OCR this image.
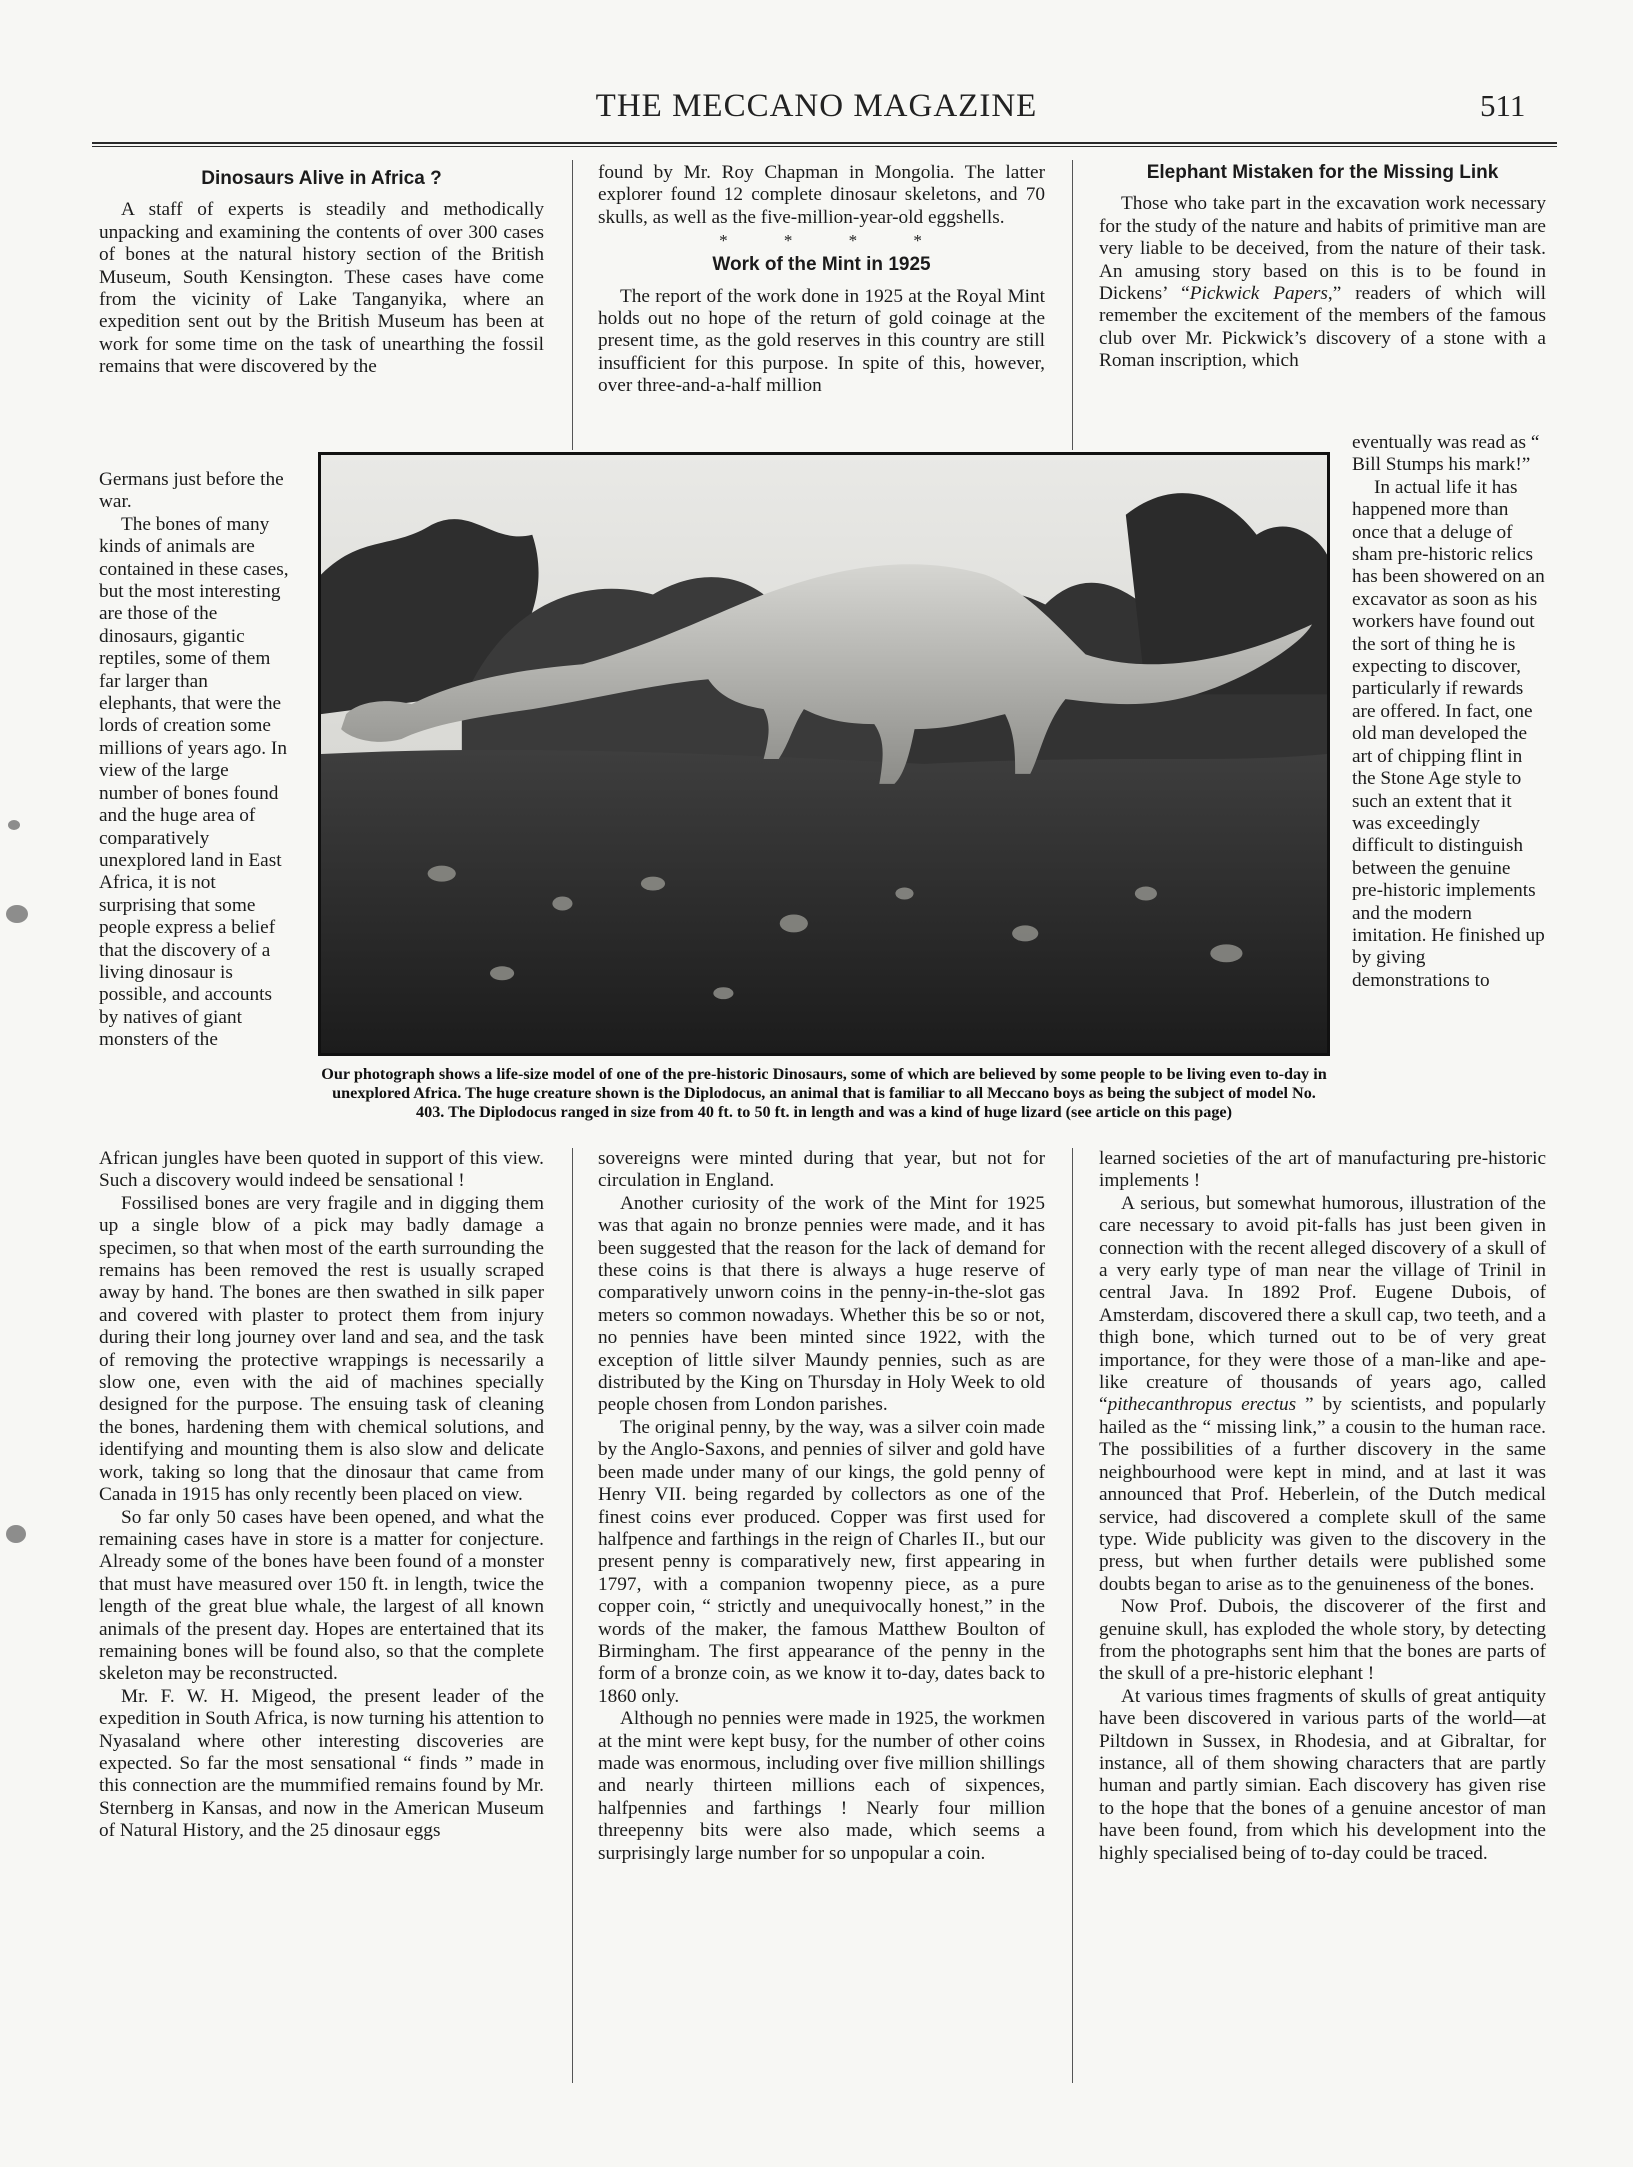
THE MECCANO MAGAZINE	511
Dinosaurs Alive in Africa ?

A staff of experts is steadily and methodically unpacking and examining the contents of over 300 cases of bones at the natural history section of the British Museum, South Kensington. These cases have come from the vicinity of Lake Tanganyika, where an expedition sent out by the British Museum has been at work for some time on the task of unearthing the fossil remains that were discovered by the

Germans just before the war.

The bones of many kinds of animals are contained in these cases, but the most interesting are those of the dinosaurs, gigantic reptiles, some of them far larger than elephants, that were the lords of creation some millions of years ago. In view of the large number of bones found and the huge area of comparatively unexplored land in East Africa, it is not surprising that some people express a belief that the discovery of a living dinosaur is possible, and accounts by natives of giant monsters of the

African jungles have been quoted in support of this view. Such a discovery would indeed be sensational !

Fossilised bones are very fragile and in digging them up a single blow of a pick may badly damage a specimen, so that when most of the earth surrounding the remains has been removed the rest is usually scraped away by hand. The bones are then swathed in silk paper and covered with plaster to protect them from injury during their long journey over land and sea, and the task of removing the protective wrappings is necessarily a slow one, even with the aid of machines specially designed for the purpose. The ensuing task of cleaning the bones, hardening them with chemical solutions, and identifying and mounting them is also slow and delicate work, taking so long that the dinosaur that came from Canada in 1915 has only recently been placed on view.

So far only 50 cases have been opened, and what the remaining cases have in store is a matter for conjecture. Already some of the bones have been found of a monster that must have measured over 150 ft. in length, twice the length of the great blue whale, the largest of all known animals of the present day. Hopes are entertained that its remaining bones will be found also, so that the complete skeleton may be reconstructed.

Mr. F. W. H. Migeod, the present leader of the expedition in South Africa, is now turning his attention to Nyasaland where other interesting discoveries are expected. So far the most sensational “ finds ” made in this connection are the mummified remains found by Mr. Sternberg in Kansas, and now in the American Museum of Natural History, and the 25 dinosaur eggs

found by Mr. Roy Chapman in Mongolia. The latter explorer found 12 complete dinosaur skeletons, and 70 skulls, as well as the five-million-year-old eggshells.

* * * *
Work of the Mint in 1925

The report of the work done in 1925 at the Royal Mint holds out no hope of the return of gold coinage at the present time, as the gold reserves in this country are still insufficient for this purpose. In spite of this, however, over three-and-a-half million

sovereigns were minted during that year, but not for circulation in England.

Another curiosity of the work of the Mint for 1925 was that again no bronze pennies were made, and it has been suggested that the reason for the lack of demand for these coins is that there is always a huge reserve of comparatively unworn coins in the penny-in-the-slot gas meters so common nowadays. Whether this be so or not, no pennies have been minted since 1922, with the exception of little silver Maundy pennies, such as are distributed by the King on Thursday in Holy Week to old people chosen from London parishes.

The original penny, by the way, was a silver coin made by the Anglo-Saxons, and pennies of silver and gold have been made under many of our kings, the gold penny of Henry VII. being regarded by collectors as one of the finest coins ever produced. Copper was first used for halfpence and farthings in the reign of Charles II., but our present penny is comparatively new, first appearing in 1797, with a companion twopenny piece, as a pure copper coin, “ strictly and unequivocally honest,” in the words of the maker, the famous Matthew Boulton of Birmingham. The first appearance of the penny in the form of a bronze coin, as we know it to-day, dates back to 1860 only.

Although no pennies were made in 1925, the workmen at the mint were kept busy, for the number of other coins made was enormous, including over five million shillings and nearly thirteen millions each of sixpences, halfpennies and farthings ! Nearly four million threepenny bits were also made, which seems a surprisingly large number for so unpopular a coin.

Elephant Mistaken for the Missing Link

Those who take part in the excavation work necessary for the study of the nature and habits of primitive man are very liable to be deceived, from the nature of their task. An amusing story based on this is to be found in Dickens’ “Pickwick Papers,” readers of which will remember the excitement of the members of the famous club over Mr. Pickwick’s discovery of a stone with a Roman inscription, which

eventually was read as “ Bill Stumps his mark!”

In actual life it has happened more than once that a deluge of sham pre-historic relics has been showered on an excavator as soon as his workers have found out the sort of thing he is expecting to discover, particularly if rewards are offered. In fact, one old man developed the art of chipping flint in the Stone Age style to such an extent that it was exceedingly difficult to distinguish between the genuine pre-historic implements and the modern imitation. He finished up by giving demonstrations to

learned societies of the art of manufacturing pre-historic implements !

A serious, but somewhat humorous, illustration of the care necessary to avoid pit-falls has just been given in connection with the recent alleged discovery of a skull of a very early type of man near the village of Trinil in central Java. In 1892 Prof. Eugene Dubois, of Amsterdam, discovered there a skull cap, two teeth, and a thigh bone, which turned out to be of very great importance, for they were those of a man-like and ape-like creature of thousands of years ago, called “pithecanthropus erectus ” by scientists, and popularly hailed as the “ missing link,” a cousin to the human race. The possibilities of a further discovery in the same neighbourhood were kept in mind, and at last it was announced that Prof. Heberlein, of the Dutch medical service, had discovered a complete skull of the same type. Wide publicity was given to the discovery in the press, but when further details were published some doubts began to arise as to the genuineness of the bones.

Now Prof. Dubois, the discoverer of the first and genuine skull, has exploded the whole story, by detecting from the photographs sent him that the bones are parts of the skull of a pre-historic elephant !

At various times fragments of skulls of great antiquity have been discovered in various parts of the world—at Piltdown in Sussex, in Rhodesia, and at Gibraltar, for instance, all of them showing characters that are partly human and partly simian. Each discovery has given rise to the hope that the bones of a genuine ancestor of man have been found, from which his development into the highly specialised being of to-day could be traced.

Our photograph shows a life-size model of one of the pre-historic Dinosaurs, some of which are believed by some people to be living even to-day in unexplored Africa. The huge creature shown is the Diplodocus, an animal that is familiar to all Meccano boys as being the subject of model No. 403. The Diplodocus ranged in size from 40 ft. to 50 ft. in length and was a kind of huge lizard (see article on this page)
